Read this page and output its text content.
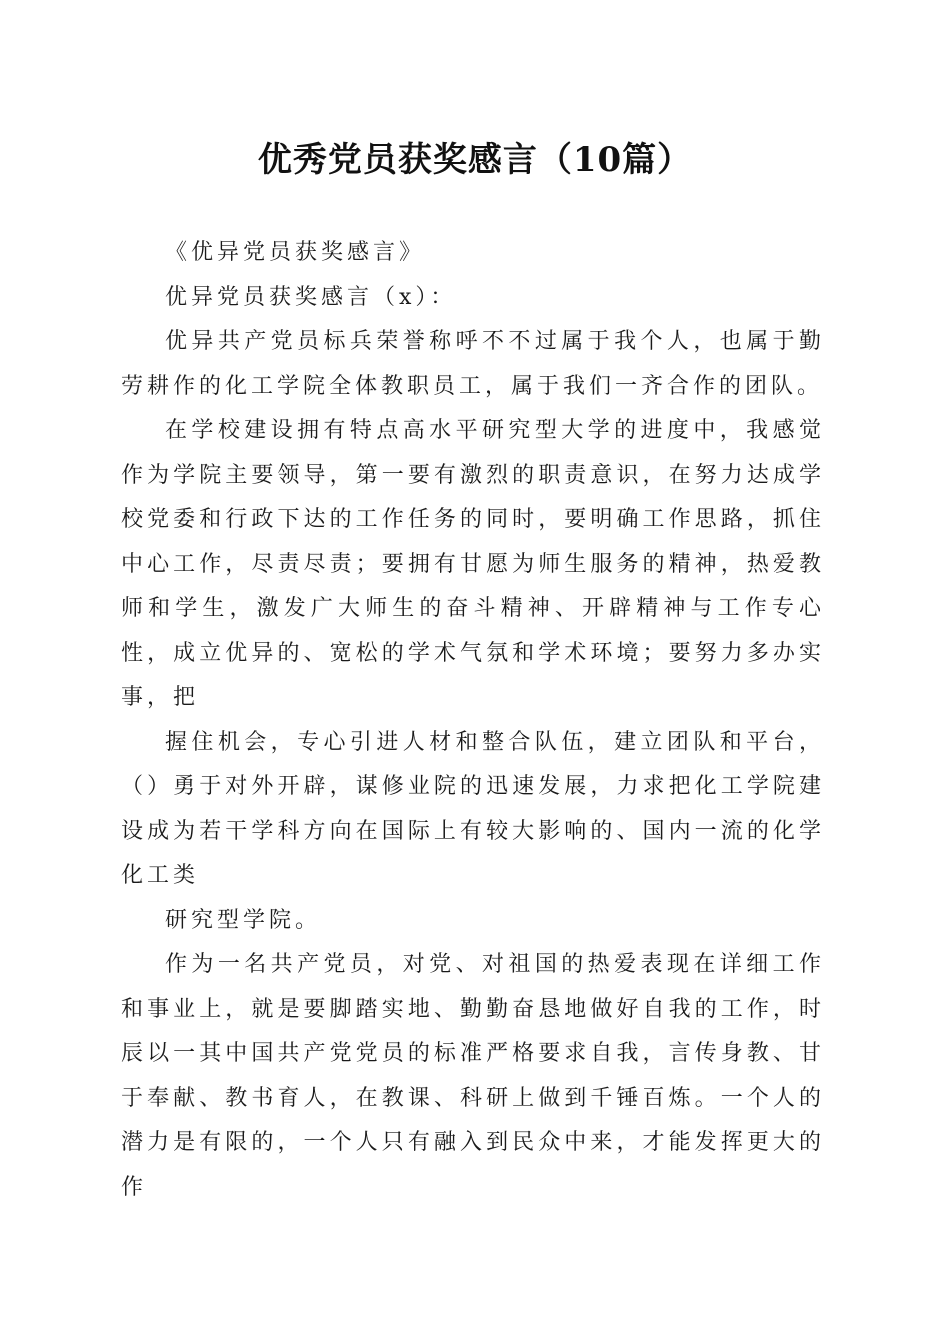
优秀党员获奖感言（10篇）

《优异党员获奖感言》

优异党员获奖感言（x）：

优异共产党员标兵荣誉称呼不不过属于我个人，也属于勤劳耕作的化工学院全体教职员工，属于我们一齐合作的团队。

在学校建设拥有特点高水平研究型大学的进度中，我感觉作为学院主要领导，第一要有激烈的职责意识，在努力达成学校党委和行政下达的工作任务的同时，要明确工作思路，抓住中心工作，尽责尽责；要拥有甘愿为师生服务的精神，热爱教师和学生，激发广大师生的奋斗精神、开辟精神与工作专心性，成立优异的、宽松的学术气氛和学术环境；要努力多办实事，把

握住机会，专心引进人材和整合队伍，建立团队和平台，（）勇于对外开辟，谋修业院的迅速发展，力求把化工学院建设成为若干学科方向在国际上有较大影响的、国内一流的化学化工类

研究型学院。

作为一名共产党员，对党、对祖国的热爱表现在详细工作和事业上，就是要脚踏实地、勤勤奋恳地做好自我的工作，时辰以一其中国共产党党员的标准严格要求自我，言传身教、甘于奉献、教书育人，在教课、科研上做到千锤百炼。一个人的潜力是有限的，一个人只有融入到民众中来，才能发挥更大的作
